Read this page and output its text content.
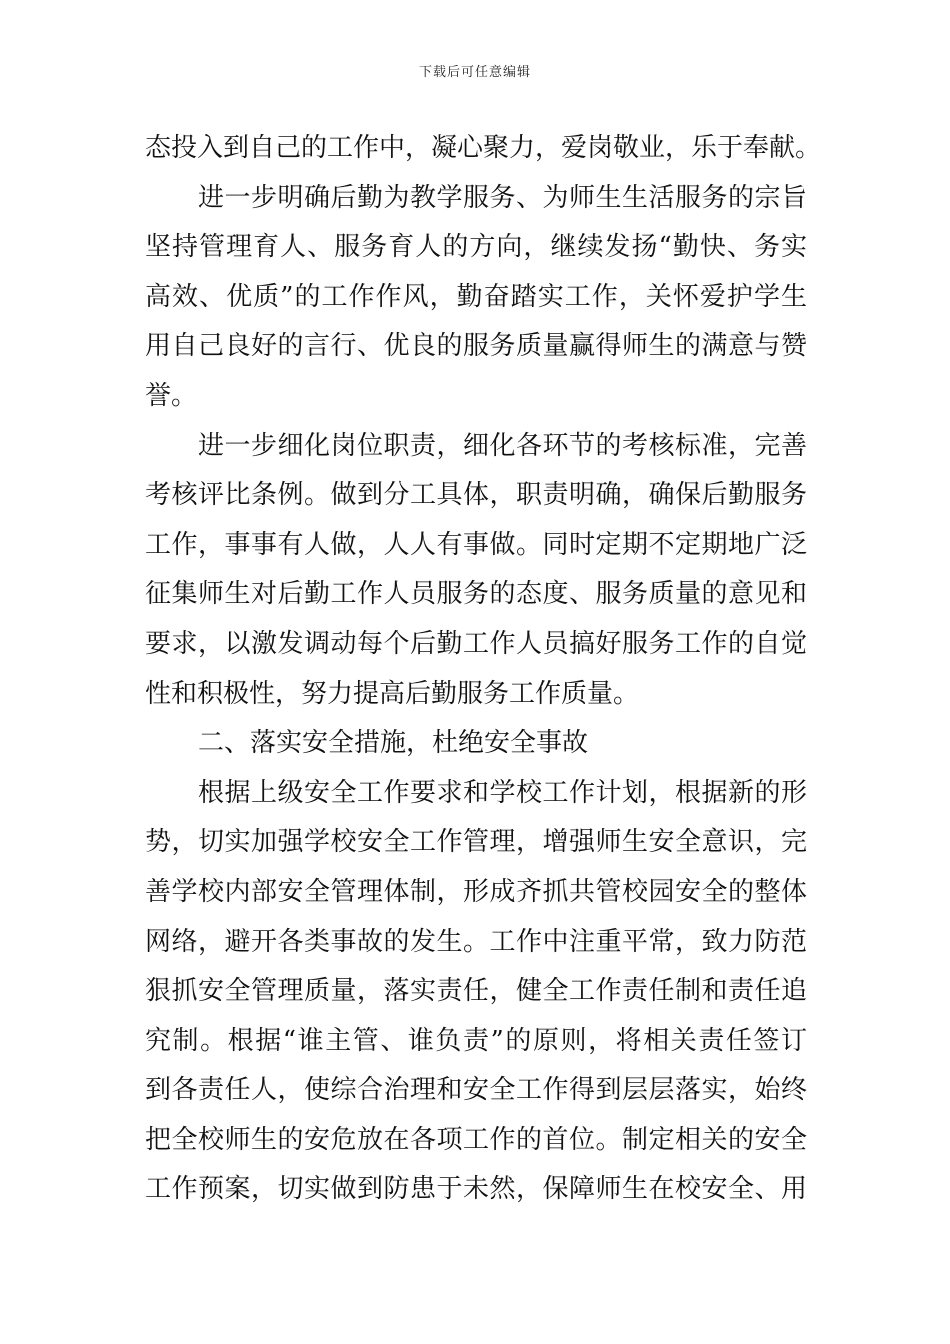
下载后可任意编辑
态投入到自己的工作中，凝心聚力，爱岗敬业，乐于奉献。
进一步明确后勤为教学服务、为师生生活服务的宗旨
坚持管理育人、服务育人的方向，继续发扬“勤快、务实
高效、优质”的工作作风，勤奋踏实工作，关怀爱护学生
用自己良好的言行、优良的服务质量赢得师生的满意与赞
誉。
进一步细化岗位职责，细化各环节的考核标准，完善
考核评比条例。做到分工具体，职责明确，确保后勤服务
工作，事事有人做，人人有事做。同时定期不定期地广泛
征集师生对后勤工作人员服务的态度、服务质量的意见和
要求，以激发调动每个后勤工作人员搞好服务工作的自觉
性和积极性，努力提高后勤服务工作质量。
二、落实安全措施，杜绝安全事故
根据上级安全工作要求和学校工作计划，根据新的形
势，切实加强学校安全工作管理，增强师生安全意识，完
善学校内部安全管理体制，形成齐抓共管校园安全的整体
网络，避开各类事故的发生。工作中注重平常，致力防范
狠抓安全管理质量，落实责任，健全工作责任制和责任追
究制。根据“谁主管、谁负责”的原则，将相关责任签订
到各责任人，使综合治理和安全工作得到层层落实，始终
把全校师生的安危放在各项工作的首位。制定相关的安全
工作预案，切实做到防患于未然，保障师生在校安全、用
